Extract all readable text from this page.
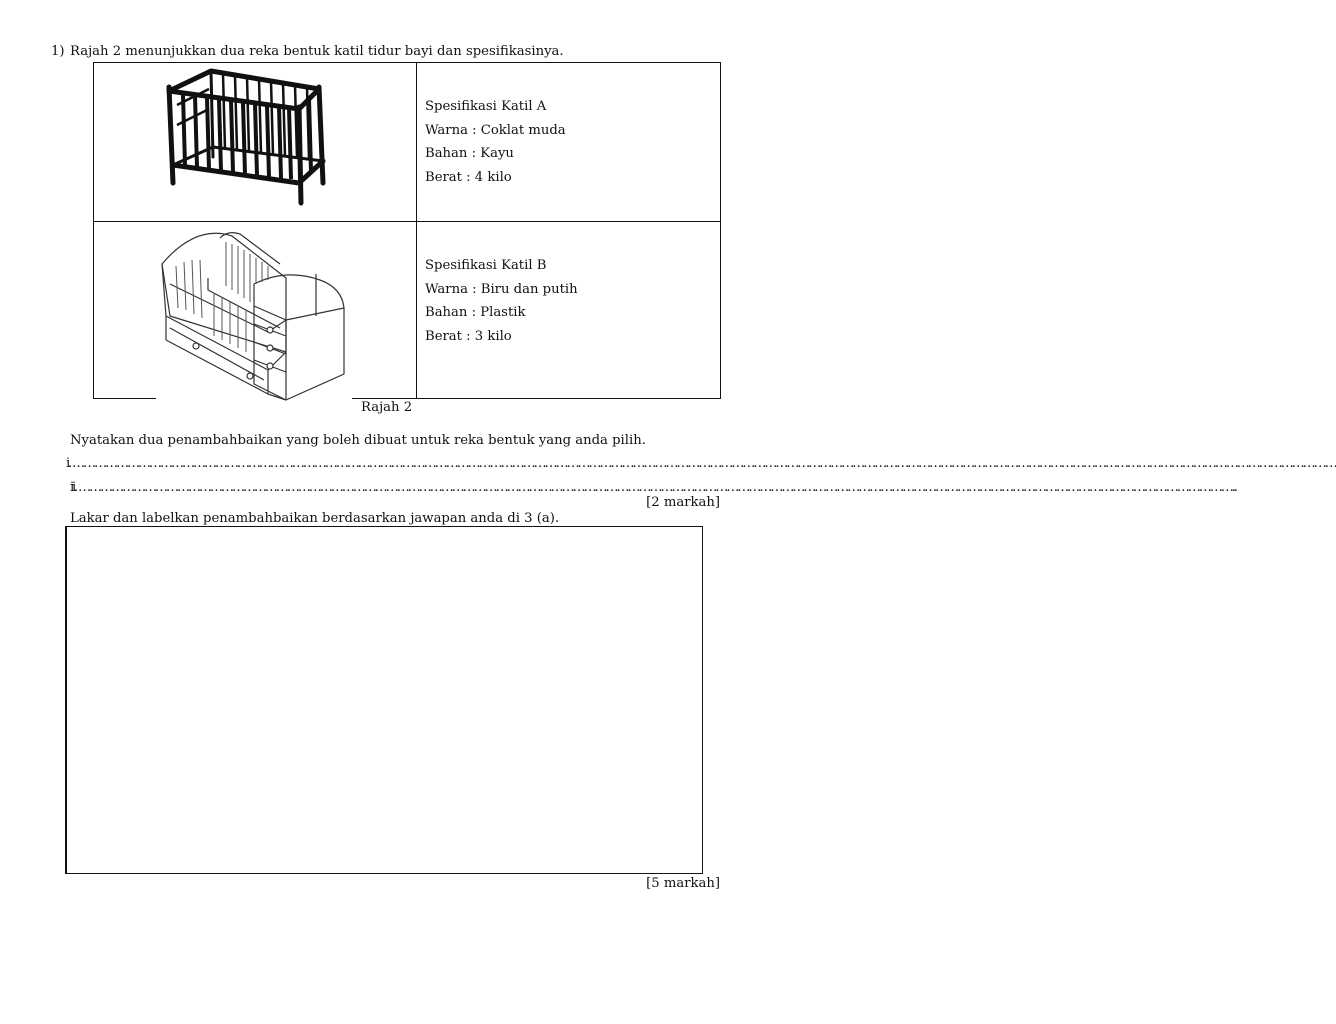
1) Rajah 2 menunjukkan dua reka bentuk katil tidur bayi dan spesifikasinya.

Spesifikasi Katil A
Warna : Coklat muda
Bahan : Kayu
Berat : 4 kilo

Spesifikasi Katil B
Warna : Biru dan putih
Bahan : Plastik
Berat : 3 kilo
Rajah 2
Nyatakan dua penambahbaikan yang boleh dibuat untuk reka bentuk yang anda pilih.
i. …………………………………………………………………………………………………………………………………………………………………………………………………………………………………………………………………………………………………………………
ii. ………………………………………………………………………………………………………………………………………………………………………………………………………………………………………………………………………………………..
[2 markah]
Lakar dan labelkan penambahbaikan berdasarkan jawapan anda di 3 (a).
[5 markah]
